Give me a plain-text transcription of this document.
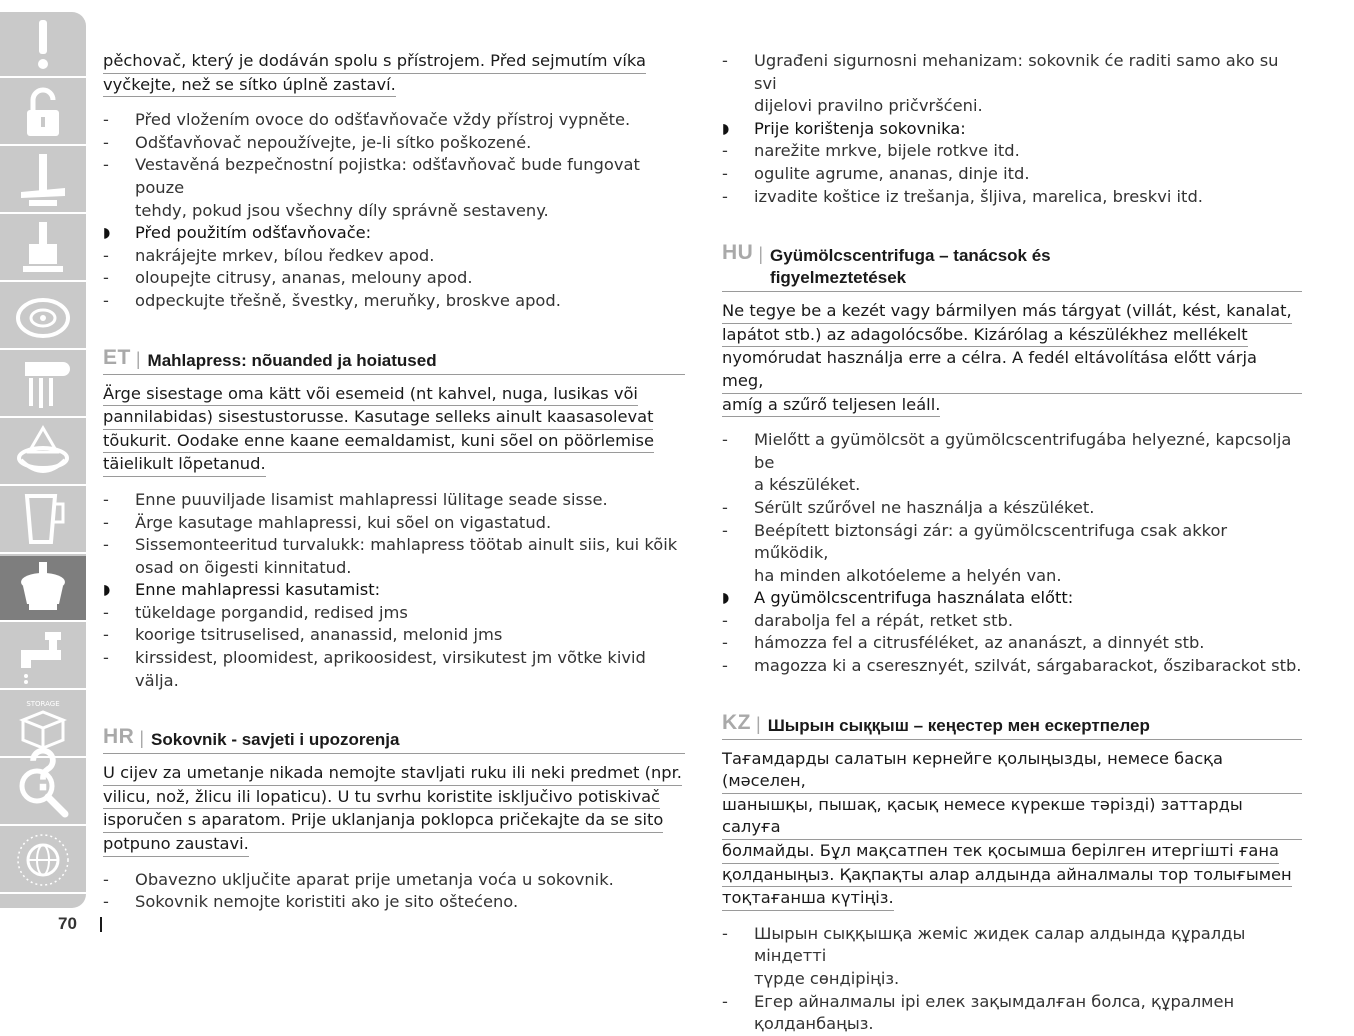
STORAGE
70
pěchovač, který je dodáván spolu s přístrojem. Před sejmutím víka
vyčkejte, než se sítko úplně zastaví.
-	Před vložením ovoce do odšťavňovače vždy přístroj vypněte.
-	Odšťavňovač nepoužívejte, je-li sítko poškozené.
-	Vestavěná bezpečnostní pojistka: odšťavňovač bude fungovat pouze
tehdy, pokud jsou všechny díly správně sestaveny.
◗	Před použitím odšťavňovače:
-	nakrájejte mrkev, bílou ředkev apod.
-	oloupejte citrusy, ananas, melouny apod.
-	odpeckujte třešně, švestky, meruňky, broskve apod.
ET | Mahlapress: nõuanded ja hoiatused
Ärge sisestage oma kätt või esemeid (nt kahvel, nuga, lusikas või
pannilabidas) sisestustorusse. Kasutage selleks ainult kaasasolevat
tõukurit. Oodake enne kaane eemaldamist, kuni sõel on pöörlemise
täielikult lõpetanud.
-	Enne puuviljade lisamist mahlapressi lülitage seade sisse.
-	Ärge kasutage mahlapressi, kui sõel on vigastatud.
-	Sissemonteeritud turvalukk: mahlapress töötab ainult siis, kui kõik
osad on õigesti kinnitatud.
◗	Enne mahlapressi kasutamist:
-	tükeldage porgandid, redised jms
-	koorige tsitruselised, ananassid, melonid jms
-	kirssidest, ploomidest, aprikoosidest, virsikutest jm võtke kivid välja.
HR | Sokovnik - savjeti i upozorenja
U cijev za umetanje nikada nemojte stavljati ruku ili neki predmet (npr.
vilicu, nož, žlicu ili lopaticu). U tu svrhu koristite isključivo potiskivač
isporučen s aparatom. Prije uklanjanja poklopca pričekajte da se sito
potpuno zaustavi.
-	Obavezno uključite aparat prije umetanja voća u sokovnik.
-	Sokovnik nemojte koristiti ako je sito oštećeno.
-	Ugrađeni sigurnosni mehanizam: sokovnik će raditi samo ako su svi
dijelovi pravilno pričvršćeni.
◗	Prije korištenja sokovnika:
-	narežite mrkve, bijele rotkve itd.
-	ogulite agrume, ananas, dinje itd.
-	izvadite koštice iz trešanja, šljiva, marelica, breskvi itd.
HU | Gyümölcscentrifuga – tanácsok és
figyelmeztetések
Ne tegye be a kezét vagy bármilyen más tárgyat (villát, kést, kanalat,
lapátot stb.) az adagolócsőbe. Kizárólag a készülékhez mellékelt
nyomórudat használja erre a célra. A fedél eltávolítása előtt várja meg,
amíg a szűrő teljesen leáll.
-	Mielőtt a gyümölcsöt a gyümölcscentrifugába helyezné, kapcsolja be
a készüléket.
-	Sérült szűrővel ne használja a készüléket.
-	Beépített biztonsági zár: a gyümölcscentrifuga csak akkor működik,
ha minden alkotóeleme a helyén van.
◗	A gyümölcscentrifuga használata előtt:
-	darabolja fel a répát, retket stb.
-	hámozza fel a citrusféléket, az ananászt, a dinnyét stb.
-	magozza ki a cseresznyét, szilvát, sárgabarackot, őszibarackot stb.
KZ | Шырын сыққыш – кеңестер мен ескертпелер
Тағамдарды салатын кернейге қолыңызды, немесе басқа (мәселен,
шанышқы, пышақ, қасық немесе күрекше тәрізді) заттарды салуға
болмайды. Бұл мақсатпен тек қосымша берілген итергішті ғана
қолданыңыз. Қақпақты алар алдында айналмалы тор толығымен
тоқтағанша күтіңіз.
-	Шырын сыққышқа жеміс жидек салар алдында құралды міндетті
түрде сөндіріңіз.
-	Егер айналмалы ірі елек зақымдалған болса, құралмен
қолданбаңыз.
